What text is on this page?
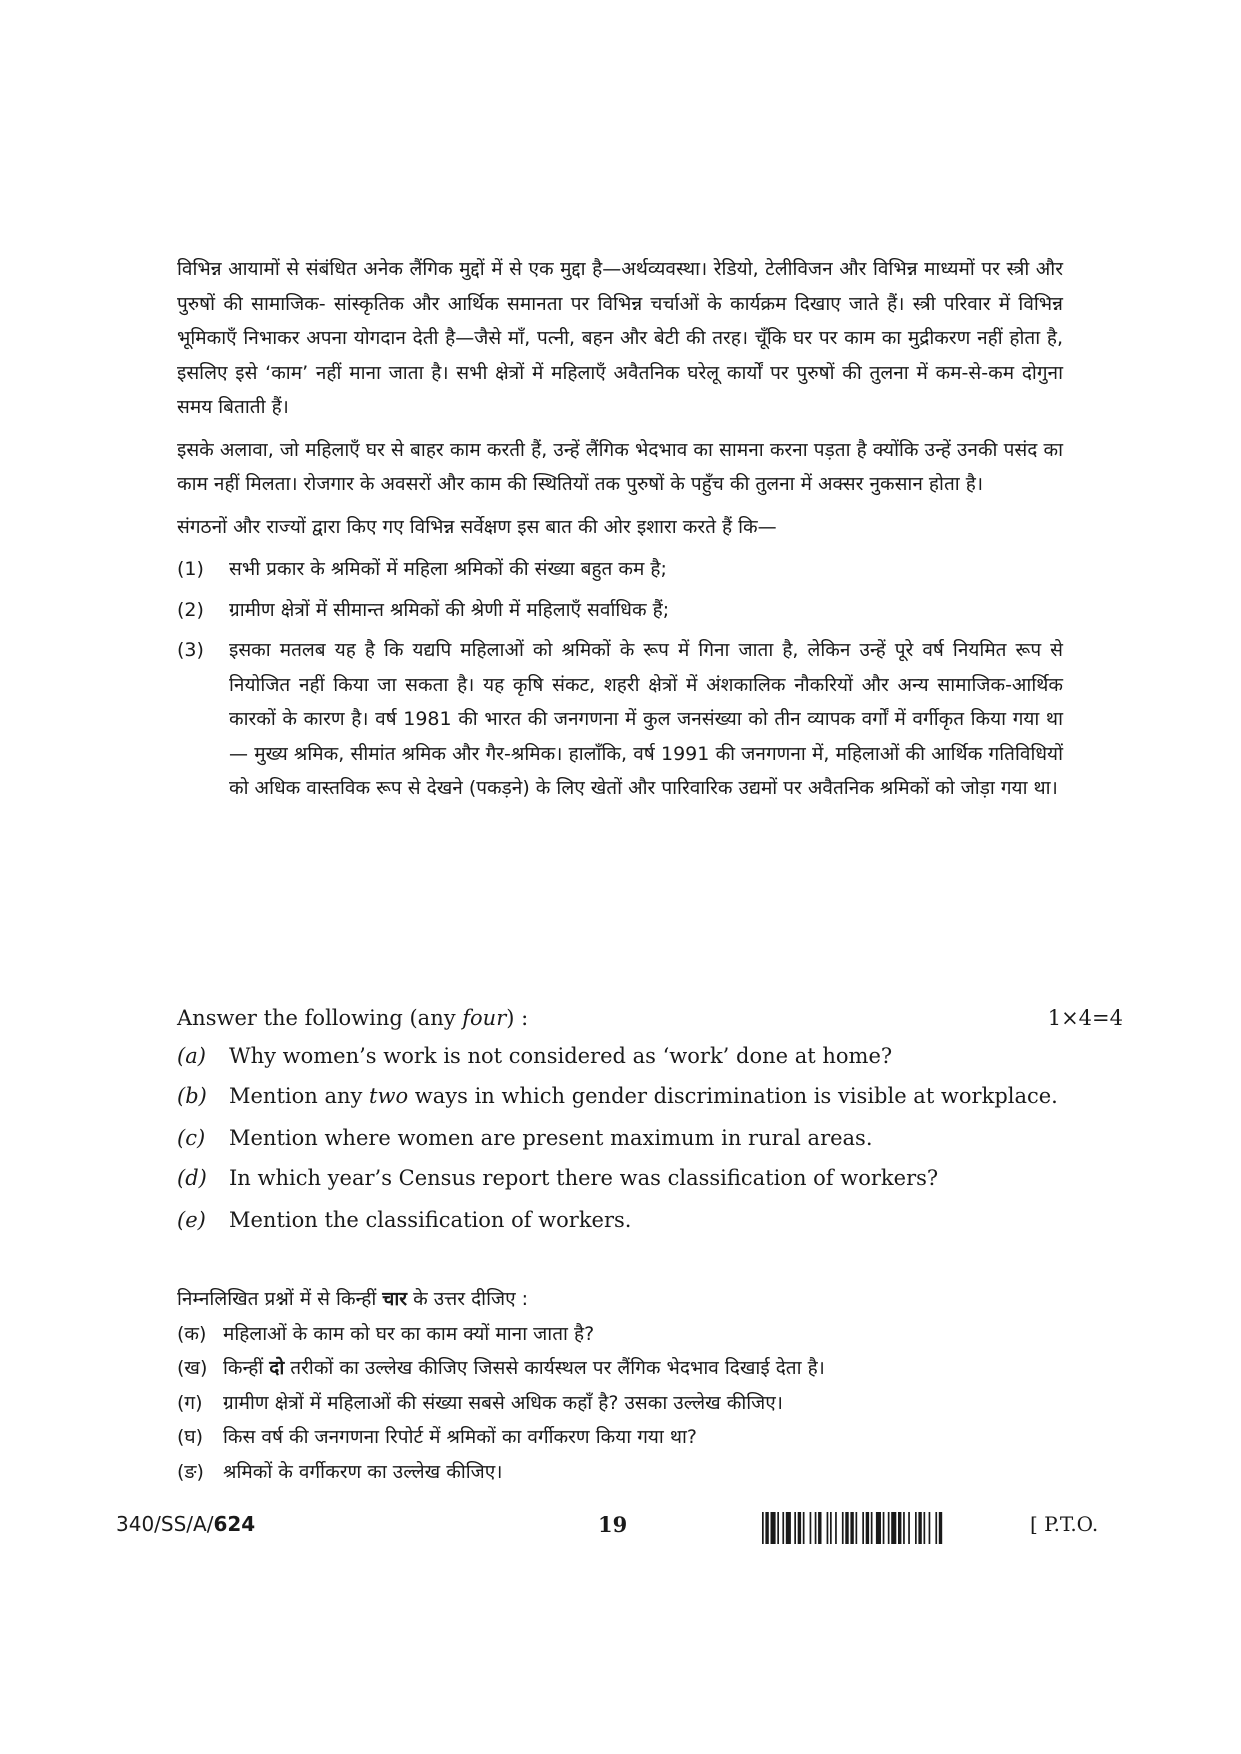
विभिन्न आयामों से संबंधित अनेक लैंगिक मुद्दों में से एक मुद्दा है—अर्थव्यवस्था। रेडियो, टेलीविजन और विभिन्न माध्यमों पर स्त्री और पुरुषों की सामाजिक- सांस्कृतिक और आर्थिक समानता पर विभिन्न चर्चाओं के कार्यक्रम दिखाए जाते हैं। स्त्री परिवार में विभिन्न भूमिकाएँ निभाकर अपना योगदान देती है—जैसे माँ, पत्नी, बहन और बेटी की तरह। चूँकि घर पर काम का मुद्रीकरण नहीं होता है, इसलिए इसे ‘काम’ नहीं माना जाता है। सभी क्षेत्रों में महिलाएँ अवैतनिक घरेलू कार्यों पर पुरुषों की तुलना में कम-से-कम दोगुना समय बिताती हैं।

इसके अलावा, जो महिलाएँ घर से बाहर काम करती हैं, उन्हें लैंगिक भेदभाव का सामना करना पड़ता है क्योंकि उन्हें उनकी पसंद का काम नहीं मिलता। रोजगार के अवसरों और काम की स्थितियों तक पुरुषों के पहुँच की तुलना में अक्सर नुकसान होता है।

संगठनों और राज्यों द्वारा किए गए विभिन्न सर्वेक्षण इस बात की ओर इशारा करते हैं कि—

(1)	सभी प्रकार के श्रमिकों में महिला श्रमिकों की संख्या बहुत कम है;
(2)	ग्रामीण क्षेत्रों में सीमान्त श्रमिकों की श्रेणी में महिलाएँ सर्वाधिक हैं;
(3)	इसका मतलब यह है कि यद्यपि महिलाओं को श्रमिकों के रूप में गिना जाता है, लेकिन उन्हें पूरे वर्ष नियमित रूप से नियोजित नहीं किया जा सकता है। यह कृषि संकट, शहरी क्षेत्रों में अंशकालिक नौकरियों और अन्य सामाजिक-आर्थिक कारकों के कारण है। वर्ष 1981 की भारत की जनगणना में कुल जनसंख्या को तीन व्यापक वर्गों में वर्गीकृत किया गया था — मुख्य श्रमिक, सीमांत श्रमिक और गैर-श्रमिक। हालाँकि, वर्ष 1991 की जनगणना में, महिलाओं की आर्थिक गतिविधियों को अधिक वास्तविक रूप से देखने (पकड़ने) के लिए खेतों और पारिवारिक उद्यमों पर अवैतनिक श्रमिकों को जोड़ा गया था।
Answer the following (any four) :	1×4=4
(a)	Why women’s work is not considered as ‘work’ done at home?
(b)	Mention any two ways in which gender discrimination is visible at workplace.
(c)	Mention where women are present maximum in rural areas.
(d)	In which year’s Census report there was classification of workers?
(e)	Mention the classification of workers.
निम्नलिखित प्रश्नों में से किन्हीं चार के उत्तर दीजिए :
(क) महिलाओं के काम को घर का काम क्यों माना जाता है?
(ख) किन्हीं दो तरीकों का उल्लेख कीजिए जिससे कार्यस्थल पर लैंगिक भेदभाव दिखाई देता है।
(ग)	ग्रामीण क्षेत्रों में महिलाओं की संख्या सबसे अधिक कहाँ है? उसका उल्लेख कीजिए।
(घ)	किस वर्ष की जनगणना रिपोर्ट में श्रमिकों का वर्गीकरण किया गया था?
(ङ)	श्रमिकों के वर्गीकरण का उल्लेख कीजिए।
340/SS/A/624	19	[ P.T.O.
